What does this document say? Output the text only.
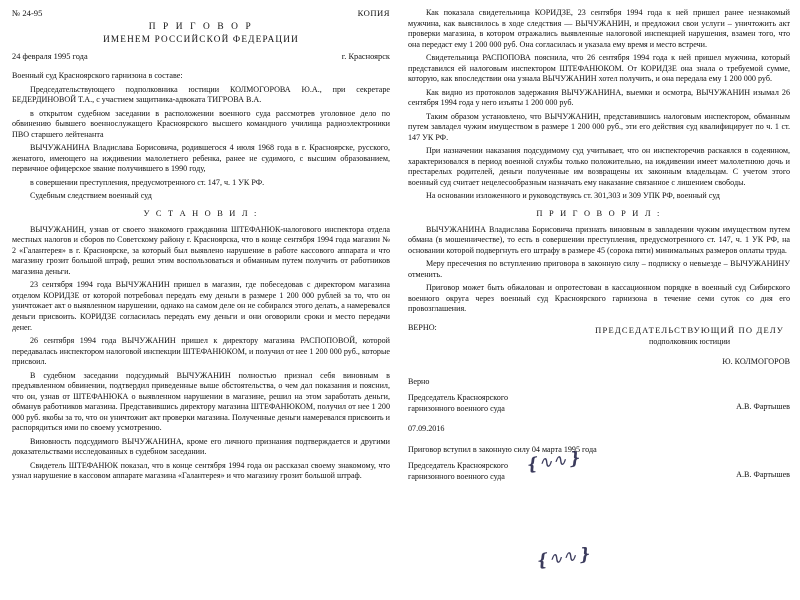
№ 24-95	КОПИЯ
П Р И Г О В О Р
ИМЕНЕМ РОССИЙСКОЙ ФЕДЕРАЦИИ
24 февраля 1995 года	г. Красноярск

Военный суд Красноярского гарнизона в составе:

Председательствующего подполковника юстиции КОЛМОГОРОВА Ю.А., при секретаре БЕДЕРДИНОВОЙ Т.А., с участием защитника-адвоката ТИГРОВА В.А.

в открытом судебном заседании в расположении военного суда рассмотрев уголовное дело по обвинению бывшего военнослужащего Красноярского высшего командного училища радиоэлектроники ПВО старшего лейтенанта

ВЫЧУЖАНИНА Владислава Борисовича, родившегося 4 июля 1968 года в г. Красноярске, русского, женатого, имеющего на иждивении малолетнего ребенка, ранее не судимого, с высшим образованием, первичное офицерское звание получившего в 1990 году,

в совершении преступления, предусмотренного ст. 147, ч. 1 УК РФ.

Судебным следствием военный суд

У С Т А Н О В И Л :

ВЫЧУЖАНИН, узнав от своего знакомого гражданина ШТЕФАНЮК-налогового инспектора отдела местных налогов и сборов по Советскому району г. Красноярска, что в конце сентября 1994 года магазин № 2 «Галантерея» в г. Красноярске, за который был выявлено нарушение в работе кассового аппарата и что магазину грозит большой штраф, решил этим воспользоваться и обманным путем получить от работников магазина деньги.

23 сентября 1994 года ВЫЧУЖАНИН пришел в магазин, где побеседовав с директором магазина отделом КОРИДЗЕ от которой потребовал передать ему деньги в размере 1 200 000 рублей за то, что он уничтожает акт о выявленном нарушении, однако на самом деле он не собирался этого делать, а намеревался деньги присвоить. КОРИДЗЕ согласилась передать ему деньги и они оговорили сроки и место передачи денег.

26 сентября 1994 года ВЫЧУЖАНИН пришел к директору магазина РАСПОПОВОЙ, которой передавалась инспектором налоговой инспекции ШТЕФАНЮКОМ, и получил от нее 1 200 000 руб., которые присвоил.

В судебном заседании подсудимый ВЫЧУЖАНИН полностью признал себя виновным в предъявленном обвинении, подтвердил приведенные выше обстоятельства, о чем дал показания и пояснил, что он, узнав от ШТЕФАНЮКА о выявленном нарушении в магазине, решил на этом заработать деньги, обманув работников магазина. Представившись директору магазина ШТЕФАНЮКОМ, получил от нее 1 200 000 руб. якобы за то, что он уничтожит акт проверки магазина. Полученные деньги намеревался присвоить и распорядиться ими по своему усмотрению.

Виновность подсудимого ВЫЧУЖАНИНА, кроме его личного признания подтверждается и другими доказательствами исследованных в судебном заседании.

Свидетель ШТЕФАНЮК показал, что в конце сентября 1994 года он рассказал своему знакомому, что узнал нарушение в кассовом аппарате магазина «Галантерея» и что магазину грозит большой штраф.

Как показала свидетельница КОРИДЗЕ, 23 сентября 1994 года к ней пришел ранее незнакомый мужчина, как выяснилось в ходе следствия — ВЫЧУЖАНИН, и предложил свои услуги – уничтожить акт проверки магазина, в котором отражались выявленные налоговой инспекцией нарушения, взамен того, что она передаст ему 1 200 000 руб. Она согласилась и указала ему время и место встречи.

Свидетельница РАСПОПОВА пояснила, что 26 сентября 1994 года к ней пришел мужчина, который представился ей налоговым инспектором ШТЕФАНЮКОМ. От КОРИДЗЕ она знала о требуемой сумме, которую, как впоследствии она узнала ВЫЧУЖАНИН хотел получить, и она передала ему 1 200 000 руб.

Как видно из протоколов задержания ВЫЧУЖАНИНА, выемки и осмотра, ВЫЧУЖАНИН изымал 26 сентября 1994 года у него изъяты 1 200 000 руб.

Таким образом установлено, что ВЫЧУЖАНИН, представившись налоговым инспектором, обманным путем завладел чужим имуществом в размере 1 200 000 руб., эти его действия суд квалифицирует по ч. 1 ст. 147 УК РФ.

При назначении наказания подсудимому суд учитывает, что он инспекторечив раскаялся в содеянном, характеризовался в период военной службы только положительно, на иждивении имеет малолетнюю дочь и престарелых родителей, деньги полученные им возвращены их законным владельцам. С учетом этого военный суд считает нецелесообразным назначать ему наказание связанное с лишением свободы.

На основании изложенного и руководствуясь ст. 301,303 и 309 УПК РФ, военный суд

П Р И Г О В О Р И Л :

ВЫЧУЖАНИНА Владислава Борисовича признать виновным в завладении чужим имуществом путем обмана (в мошенничестве), то есть в совершении преступления, предусмотренного ст. 147, ч. 1 УК РФ, на основании которой подвергнуть его штрафу в размере 45 (сорока пяти) минимальных размеров оплаты труда.

Меру пресечения по вступлению приговора в законную силу – подписку о невыезде – ВЫЧУЖАНИНУ отменить.

Приговор может быть обжалован и опротестован в кассационном порядке в военный суд Сибирского военного округа через военный суд Красноярского гарнизона в течение семи суток со дня его провозглашения.

ВЕРНО:	ПРЕДСЕДАТЕЛЬСТВУЮЩИЙ ПО ДЕЛУ
подполковник юстиции
Ю. КОЛМОГОРОВ
Верно
Председатель Красноярского
гарнизонного военного суда	А.В. Фартышев
07.09.2016
Приговор вступил в законную силу 04 марта 1995 года
Председатель Красноярского
гарнизонного военного суда	А.В. Фартышев
❴∿∿❵
❴∿∿❵
